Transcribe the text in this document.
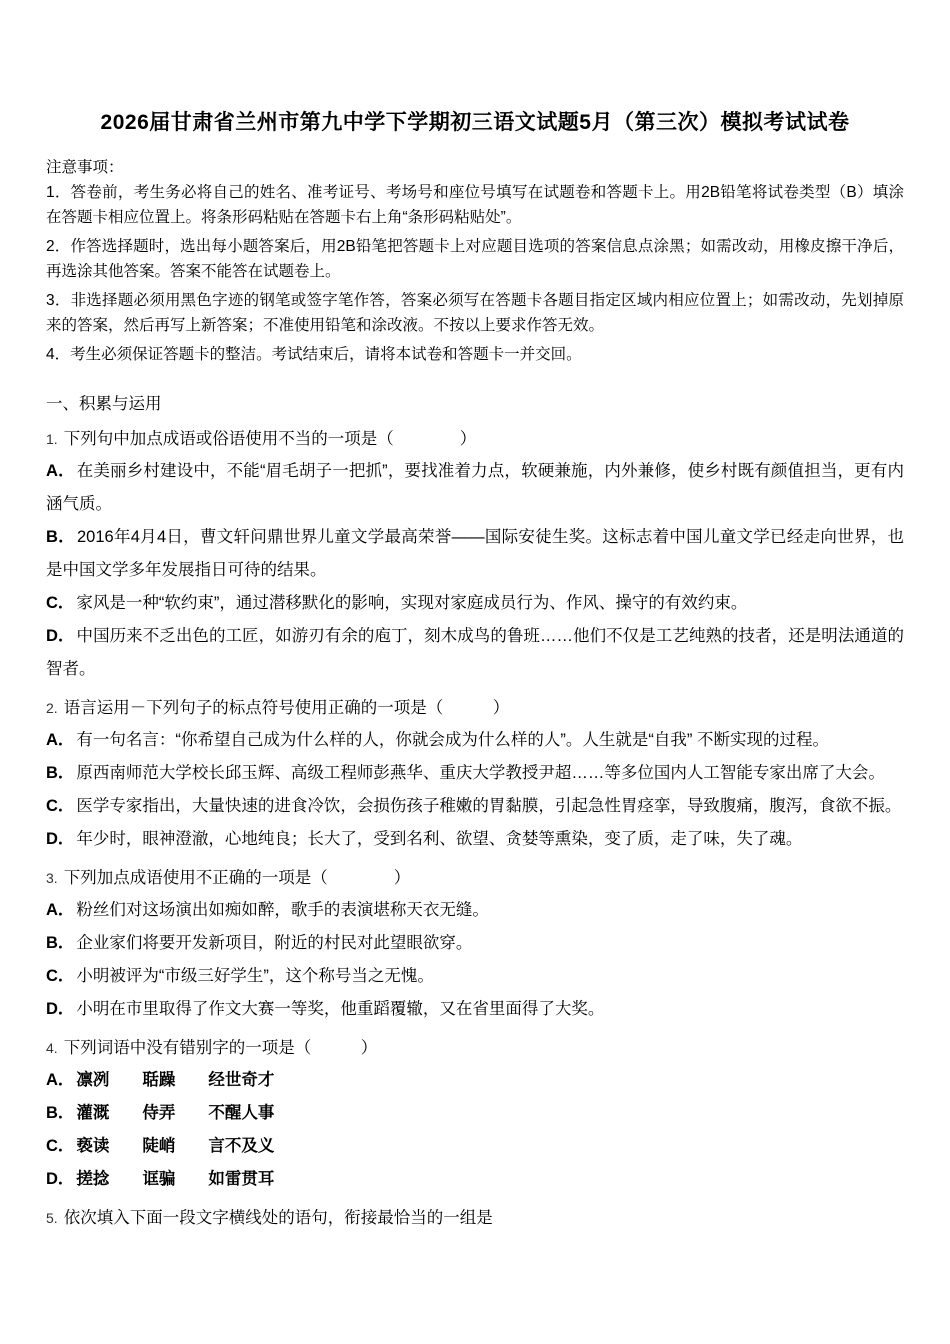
2026届甘肃省兰州市第九中学下学期初三语文试题5月（第三次）模拟考试试卷

注意事项：

1．答卷前，考生务必将自己的姓名、准考证号、考场号和座位号填写在试题卷和答题卡上。用2B铅笔将试卷类型（B）填涂在答题卡相应位置上。将条形码粘贴在答题卡右上角“条形码粘贴处”。

2．作答选择题时，选出每小题答案后，用2B铅笔把答题卡上对应题目选项的答案信息点涂黑；如需改动，用橡皮擦干净后，再选涂其他答案。答案不能答在试题卷上。

3．非选择题必须用黑色字迹的钢笔或签字笔作答，答案必须写在答题卡各题目指定区域内相应位置上；如需改动，先划掉原来的答案，然后再写上新答案；不准使用铅笔和涂改液。不按以上要求作答无效。

4．考生必须保证答题卡的整洁。考试结束后，请将本试卷和答题卡一并交回。

一、积累与运用

1. 下列句中加点成语或俗语使用不当的一项是（　　　　）

A． 在美丽乡村建设中，不能“眉毛胡子一把抓”，要找准着力点，软硬兼施，内外兼修，使乡村既有颜值担当，更有内涵气质。

B． 2016年4月4日，曹文轩问鼎世界儿童文学最高荣誉——国际安徒生奖。这标志着中国儿童文学已经走向世界，也是中国文学多年发展指日可待的结果。

C． 家风是一种“软约束”，通过潜移默化的影响，实现对家庭成员行为、作风、操守的有效约束。

D． 中国历来不乏出色的工匠，如游刃有余的庖丁，刻木成鸟的鲁班……他们不仅是工艺纯熟的技者，还是明法通道的智者。

2. 语言运用－下列句子的标点符号使用正确的一项是（　　　）

A． 有一句名言：“你希望自己成为什么样的人，你就会成为什么样的人”。人生就是“自我” 不断实现的过程。

B． 原西南师范大学校长邱玉辉、高级工程师彭燕华、重庆大学教授尹超……等多位国内人工智能专家出席了大会。

C． 医学专家指出，大量快速的进食冷饮，会损伤孩子稚嫩的胃黏膜，引起急性胃痉挛，导致腹痛，腹泻，食欲不振。

D． 年少时，眼神澄澈，心地纯良；长大了，受到名利、欲望、贪婪等熏染，变了质，走了味，失了魂。

3. 下列加点成语使用不正确的一项是（　　　　）

A． 粉丝们对这场演出如痴如醉，歌手的表演堪称天衣无缝。

B． 企业家们将要开发新项目，附近的村民对此望眼欲穿。

C． 小明被评为“市级三好学生”，这个称号当之无愧。

D． 小明在市里取得了作文大赛一等奖，他重蹈覆辙，又在省里面得了大奖。

4. 下列词语中没有错别字的一项是（　　　）

A． 凛冽　　聒躁　　经世奇才

B． 灌溉　　侍弄　　不醒人事

C． 亵读　　陡峭　　言不及义

D． 搓捻　　诓骗　　如雷贯耳

5. 依次填入下面一段文字横线处的语句，衔接最恰当的一组是
